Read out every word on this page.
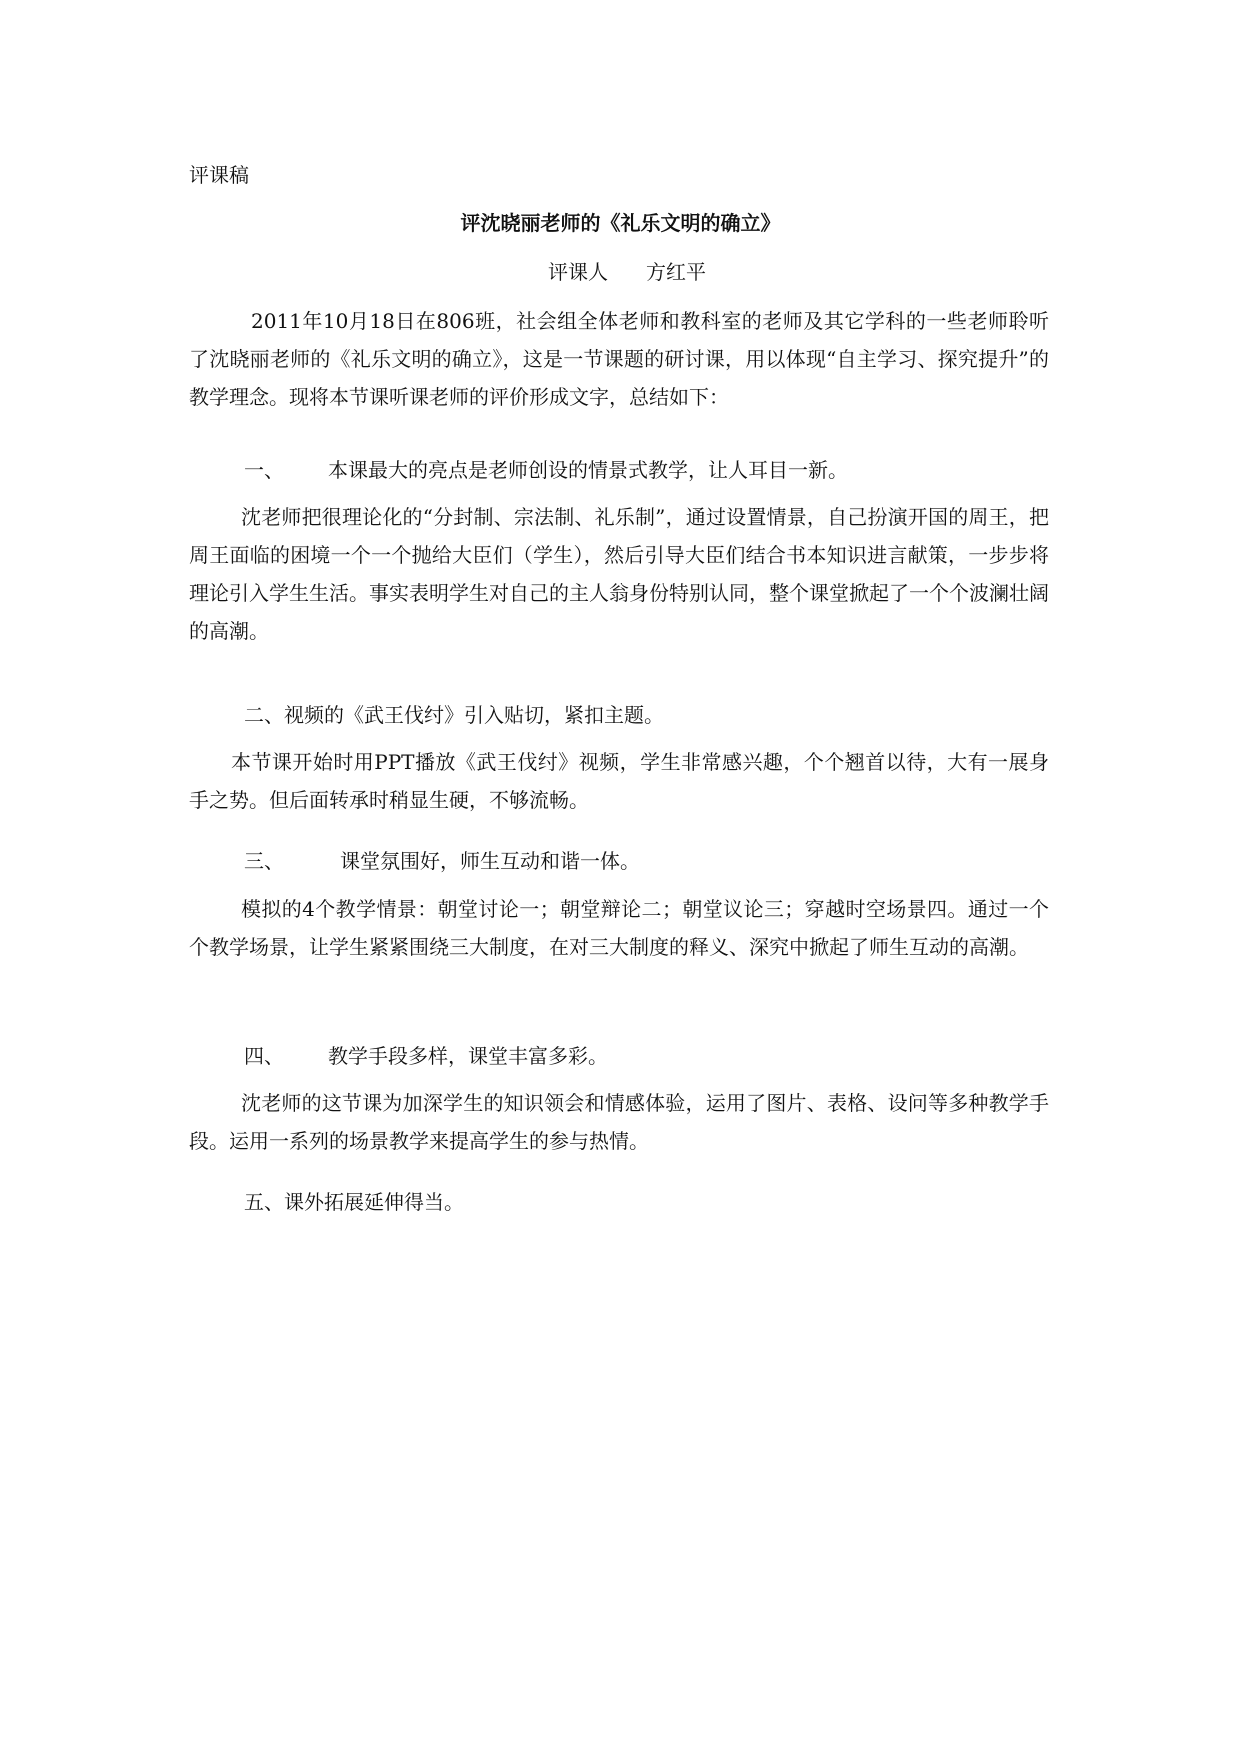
评课稿
评沈晓丽老师的《礼乐文明的确立》
评课人 方红平

2011年10月18日在806班，社会组全体老师和教科室的老师及其它学科的一些老师聆听了沈晓丽老师的《礼乐文明的确立》，这是一节课题的研讨课，用以体现“自主学习、探究提升”的教学理念。现将本节课听课老师的评价形成文字，总结如下：

一、 本课最大的亮点是老师创设的情景式教学，让人耳目一新。

沈老师把很理论化的“分封制、宗法制、礼乐制”，通过设置情景，自己扮演开国的周王，把周王面临的困境一个一个抛给大臣们（学生），然后引导大臣们结合书本知识进言献策，一步步将理论引入学生生活。事实表明学生对自己的主人翁身份特别认同，整个课堂掀起了一个个波澜壮阔的高潮。

二、视频的《武王伐纣》引入贴切，紧扣主题。

本节课开始时用PPT播放《武王伐纣》视频，学生非常感兴趣，个个翘首以待，大有一展身手之势。但后面转承时稍显生硬，不够流畅。

三、	课堂氛围好，师生互动和谐一体。

模拟的4个教学情景：朝堂讨论一；朝堂辩论二；朝堂议论三；穿越时空场景四。通过一个个教学场景，让学生紧紧围绕三大制度，在对三大制度的释义、深究中掀起了师生互动的高潮。

四、 教学手段多样，课堂丰富多彩。

沈老师的这节课为加深学生的知识领会和情感体验，运用了图片、表格、设问等多种教学手段。运用一系列的场景教学来提高学生的参与热情。

五、课外拓展延伸得当。
